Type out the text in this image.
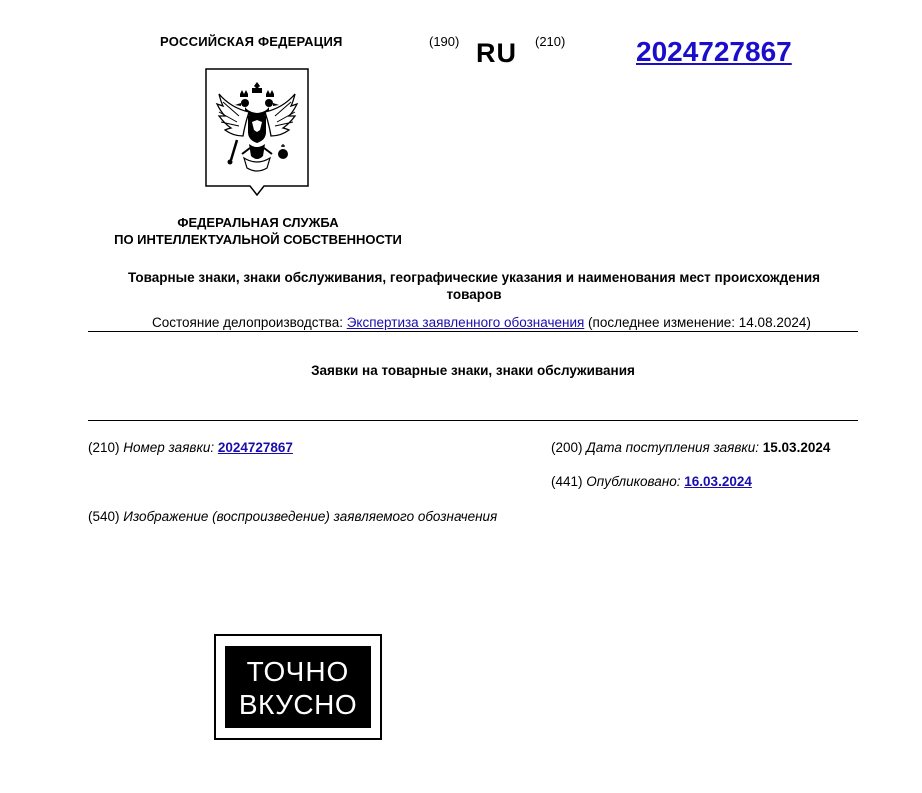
РОССИЙСКАЯ ФЕДЕРАЦИЯ	(190) RU (210)	2024727867
ФЕДЕРАЛЬНАЯ СЛУЖБА
ПО ИНТЕЛЛЕКТУАЛЬНОЙ СОБСТВЕННОСТИ
Товарные знаки, знаки обслуживания, географические указания и наименования мест происхождения товаров
Состояние делопроизводства: Экспертиза заявленного обозначения (последнее изменение: 14.08.2024)
Заявки на товарные знаки, знаки обслуживания
(210) Номер заявки: 2024727867	(200) Дата поступления заявки: 15.03.2024
(441) Опубликовано: 16.03.2024
(540) Изображение (воспроизведение) заявляемого обозначения
ТОЧНО
ВКУСНО
